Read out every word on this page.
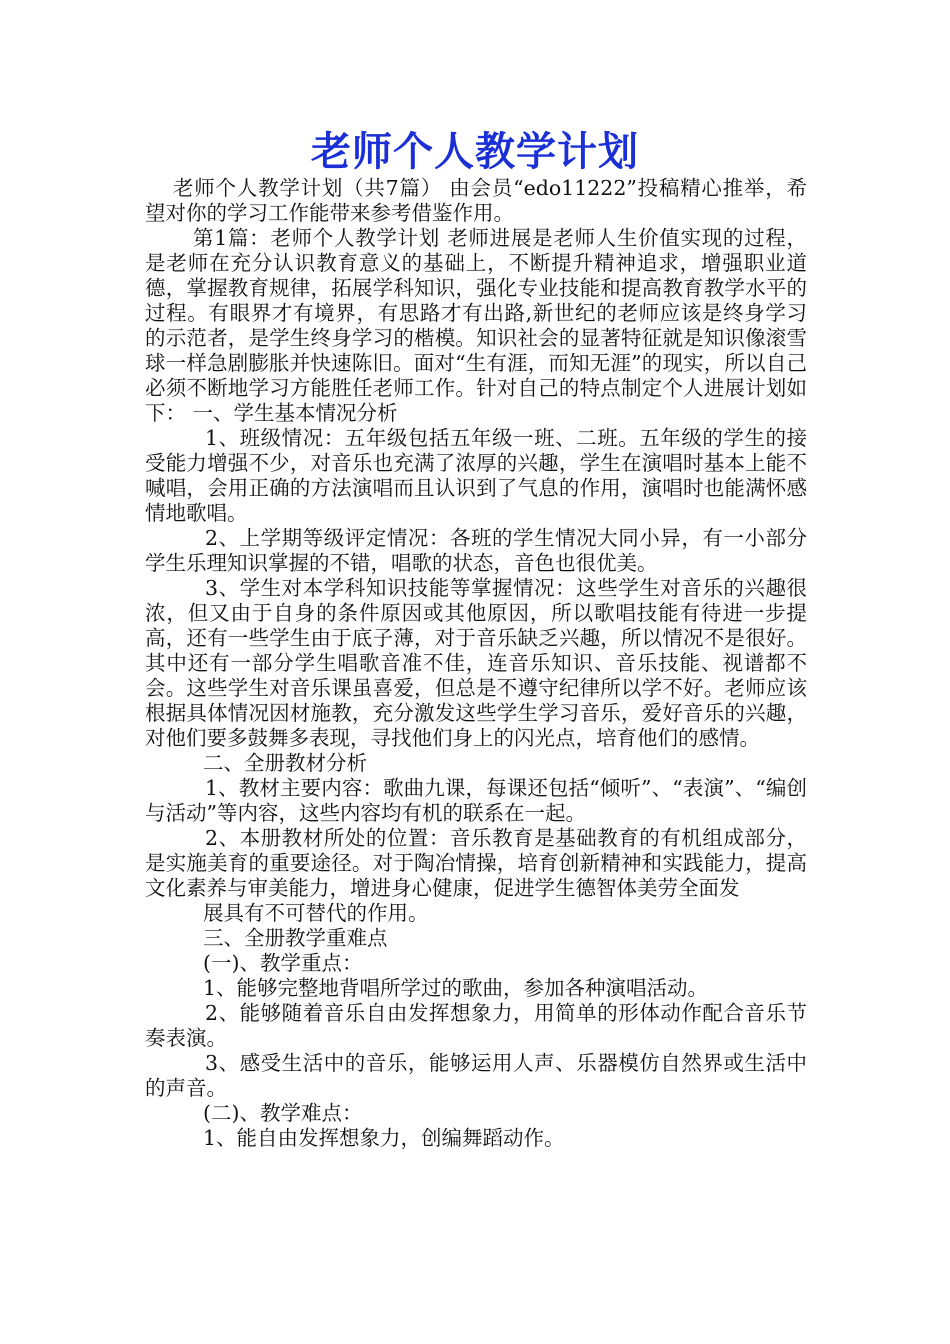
老师个人教学计划

老师个人教学计划（共7篇） 由会员“edo11222”投稿精心推举，希望对你的学习工作能带来参考借鉴作用。

第1篇：老师个人教学计划 老师进展是老师人生价值实现的过程，是老师在充分认识教育意义的基础上，不断提升精神追求，增强职业道德，掌握教育规律，拓展学科知识，强化专业技能和提高教育教学水平的过程。有眼界才有境界，有思路才有出路,新世纪的老师应该是终身学习的示范者，是学生终身学习的楷模。知识社会的显著特征就是知识像滚雪球一样急剧膨胀并快速陈旧。面对“生有涯，而知无涯”的现实，所以自己必须不断地学习方能胜任老师工作。针对自己的特点制定个人进展计划如下： 一、学生基本情况分析

1、班级情况：五年级包括五年级一班、二班。五年级的学生的接受能力增强不少，对音乐也充满了浓厚的兴趣，学生在演唱时基本上能不喊唱，会用正确的方法演唱而且认识到了气息的作用，演唱时也能满怀感情地歌唱。

2、上学期等级评定情况：各班的学生情况大同小异，有一小部分学生乐理知识掌握的不错，唱歌的状态，音色也很优美。

3、学生对本学科知识技能等掌握情况：这些学生对音乐的兴趣很浓，但又由于自身的条件原因或其他原因，所以歌唱技能有待进一步提高，还有一些学生由于底子薄，对于音乐缺乏兴趣，所以情况不是很好。其中还有一部分学生唱歌音准不佳，连音乐知识、音乐技能、视谱都不会。这些学生对音乐课虽喜爱，但总是不遵守纪律所以学不好。老师应该根据具体情况因材施教，充分激发这些学生学习音乐，爱好音乐的兴趣，对他们要多鼓舞多表现，寻找他们身上的闪光点，培育他们的感情。

二、全册教材分析

1、教材主要内容：歌曲九课，每课还包括“倾听”、“表演”、“编创与活动”等内容，这些内容均有机的联系在一起。

2、本册教材所处的位置：音乐教育是基础教育的有机组成部分，是实施美育的重要途径。对于陶冶情操，培育创新精神和实践能力，提高文化素养与审美能力，增进身心健康，促进学生德智体美劳全面发

展具有不可替代的作用。

三、全册教学重难点

(一)、教学重点：

1、能够完整地背唱所学过的歌曲，参加各种演唱活动。

2、能够随着音乐自由发挥想象力，用简单的形体动作配合音乐节奏表演。

3、感受生活中的音乐，能够运用人声、乐器模仿自然界或生活中的声音。

(二)、教学难点：

1、能自由发挥想象力，创编舞蹈动作。
